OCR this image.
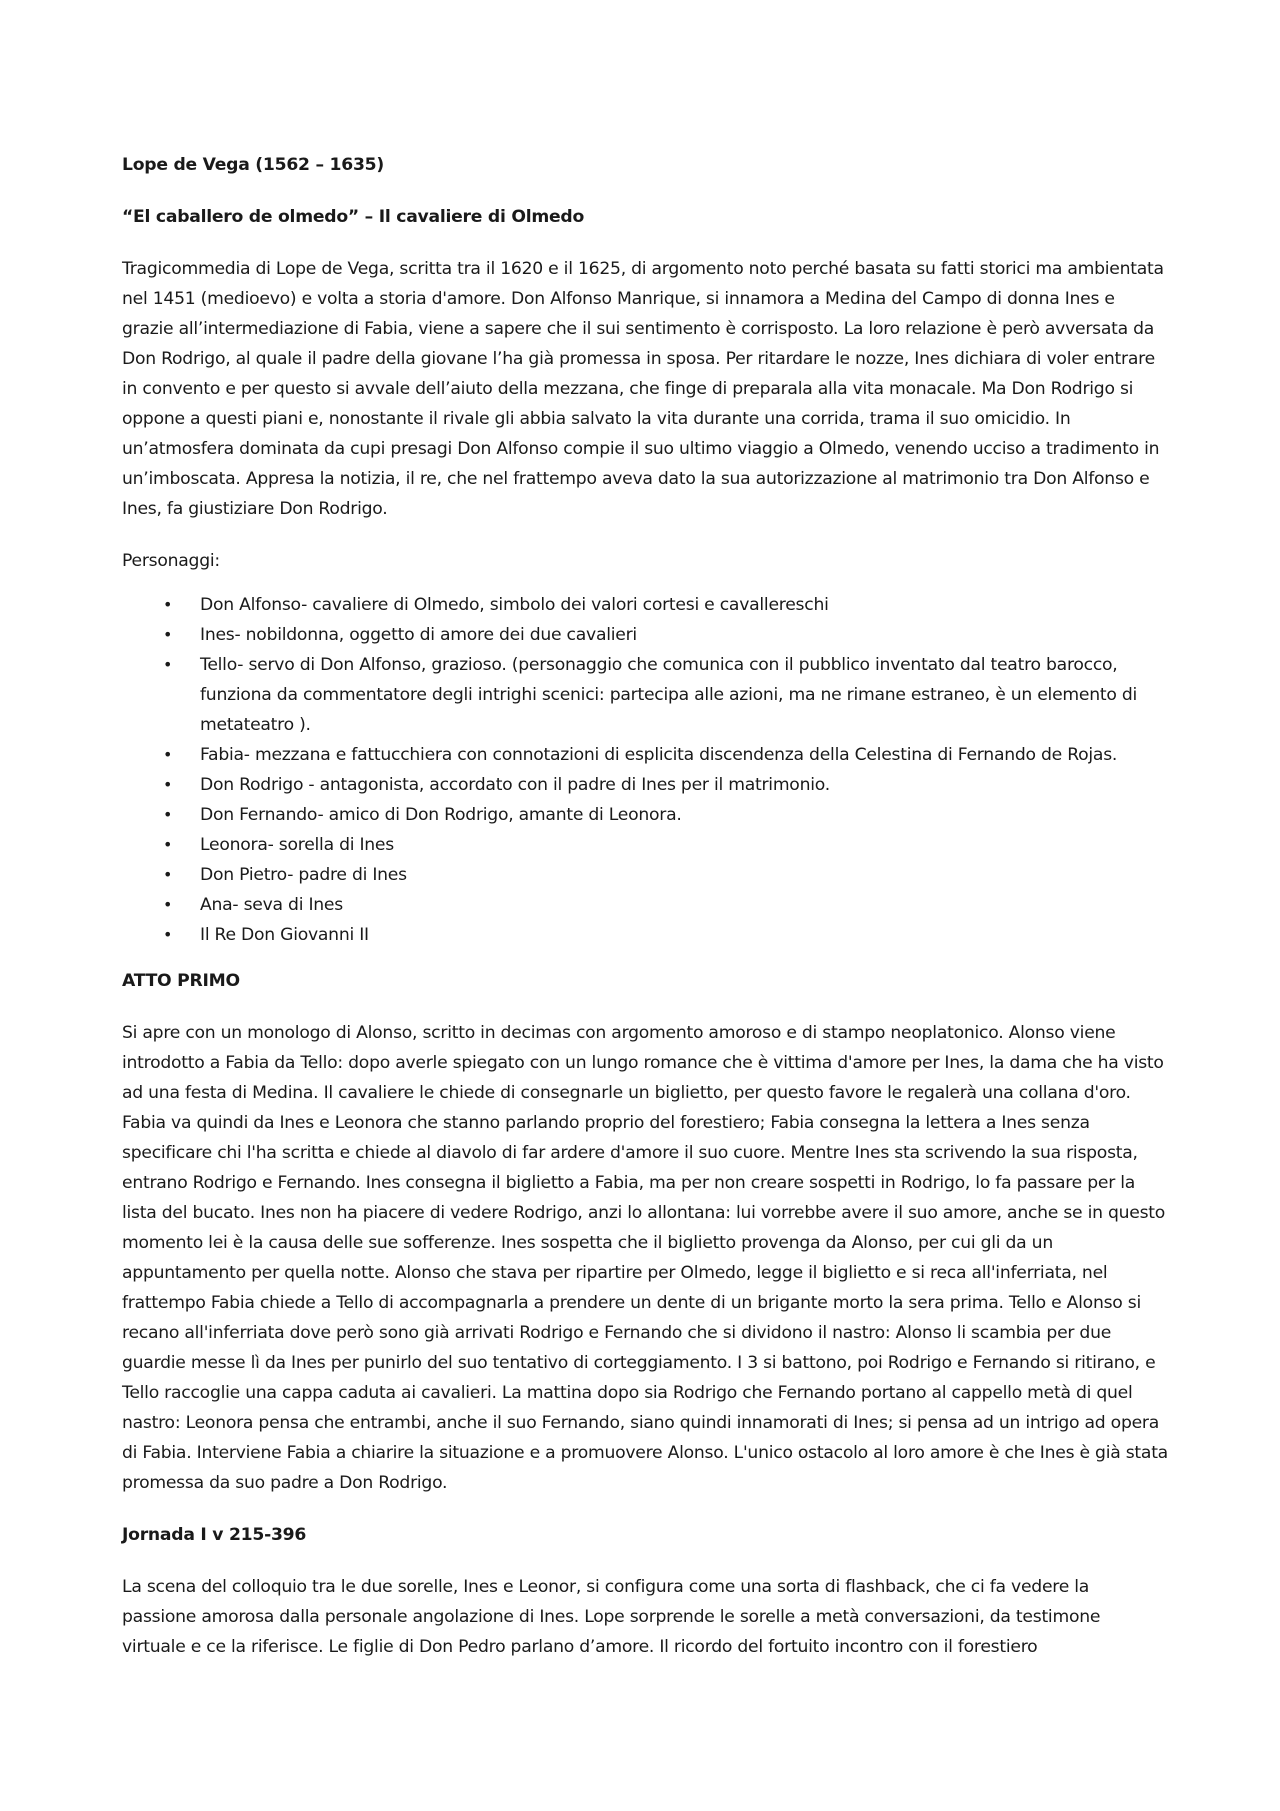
Lope de Vega (1562 – 1635)

“El caballero de olmedo” – Il cavaliere di Olmedo

Tragicommedia di Lope de Vega, scritta tra il 1620 e il 1625, di argomento noto perché basata su fatti storici ma ambientata nel 1451 (medioevo) e volta a storia d'amore. Don Alfonso Manrique, si innamora a Medina del Campo di donna Ines e grazie all’intermediazione di Fabia, viene a sapere che il sui sentimento è corrisposto. La loro relazione è però avversata da Don Rodrigo, al quale il padre della giovane l’ha già promessa in sposa. Per ritardare le nozze, Ines dichiara di voler entrare in convento e per questo si avvale dell’aiuto della mezzana, che finge di preparala alla vita monacale. Ma Don Rodrigo si oppone a questi piani e, nonostante il rivale gli abbia salvato la vita durante una corrida, trama il suo omicidio. In un’atmosfera dominata da cupi presagi Don Alfonso compie il suo ultimo viaggio a Olmedo, venendo ucciso a tradimento in un’imboscata. Appresa la notizia, il re, che nel frattempo aveva dato la sua autorizzazione al matrimonio tra Don Alfonso e Ines, fa giustiziare Don Rodrigo.

Personaggi:

• Don Alfonso- cavaliere di Olmedo, simbolo dei valori cortesi e cavallereschi
• Ines- nobildonna, oggetto di amore dei due cavalieri
• Tello- servo di Don Alfonso, grazioso. (personaggio che comunica con il pubblico inventato dal teatro barocco, funziona da commentatore degli intrighi scenici: partecipa alle azioni, ma ne rimane estraneo, è un elemento di metateatro ).
• Fabia- mezzana e fattucchiera con connotazioni di esplicita discendenza della Celestina di Fernando de Rojas.
• Don Rodrigo - antagonista, accordato con il padre di Ines per il matrimonio.
• Don Fernando- amico di Don Rodrigo, amante di Leonora.
• Leonora- sorella di Ines
• Don Pietro- padre di Ines
• Ana- seva di Ines
• Il Re Don Giovanni II

ATTO PRIMO

Si apre con un monologo di Alonso, scritto in decimas con argomento amoroso e di stampo neoplatonico. Alonso viene introdotto a Fabia da Tello: dopo averle spiegato con un lungo romance che è vittima d'amore per Ines, la dama che ha visto ad una festa di Medina. Il cavaliere le chiede di consegnarle un biglietto, per questo favore le regalerà una collana d'oro. Fabia va quindi da Ines e Leonora che stanno parlando proprio del forestiero; Fabia consegna la lettera a Ines senza specificare chi l'ha scritta e chiede al diavolo di far ardere d'amore il suo cuore. Mentre Ines sta scrivendo la sua risposta, entrano Rodrigo e Fernando. Ines consegna il biglietto a Fabia, ma per non creare sospetti in Rodrigo, lo fa passare per la lista del bucato. Ines non ha piacere di vedere Rodrigo, anzi lo allontana: lui vorrebbe avere il suo amore, anche se in questo momento lei è la causa delle sue sofferenze. Ines sospetta che il biglietto provenga da Alonso, per cui gli da un appuntamento per quella notte. Alonso che stava per ripartire per Olmedo, legge il biglietto e si reca all'inferriata, nel frattempo Fabia chiede a Tello di accompagnarla a prendere un dente di un brigante morto la sera prima. Tello e Alonso si recano all'inferriata dove però sono già arrivati Rodrigo e Fernando che si dividono il nastro: Alonso li scambia per due guardie messe lì da Ines per punirlo del suo tentativo di corteggiamento. I 3 si battono, poi Rodrigo e Fernando si ritirano, e Tello raccoglie una cappa caduta ai cavalieri. La mattina dopo sia Rodrigo che Fernando portano al cappello metà di quel nastro: Leonora pensa che entrambi, anche il suo Fernando, siano quindi innamorati di Ines; si pensa ad un intrigo ad opera di Fabia. Interviene Fabia a chiarire la situazione e a promuovere Alonso. L'unico ostacolo al loro amore è che Ines è già stata promessa da suo padre a Don Rodrigo.

Jornada I v 215-396

La scena del colloquio tra le due sorelle, Ines e Leonor, si configura come una sorta di flashback, che ci fa vedere la passione amorosa dalla personale angolazione di Ines. Lope sorprende le sorelle a metà conversazioni, da testimone virtuale e ce la riferisce. Le figlie di Don Pedro parlano d’amore. Il ricordo del fortuito incontro con il forestiero
